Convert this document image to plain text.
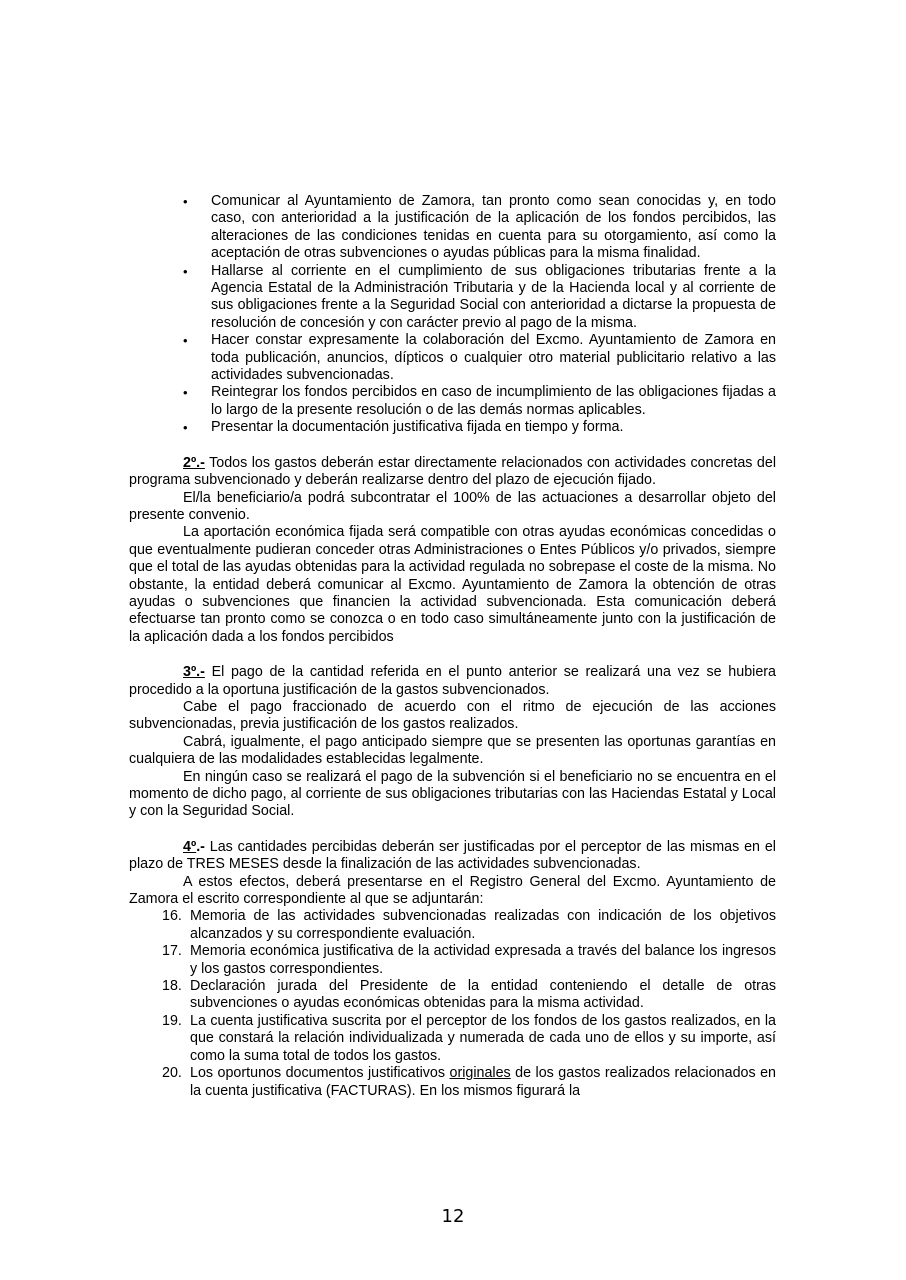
• Comunicar al Ayuntamiento de Zamora, tan pronto como sean conocidas y, en todo caso, con anterioridad a la justificación de la aplicación de los fondos percibidos, las alteraciones de las condiciones tenidas en cuenta para su otorgamiento, así como la aceptación de otras subvenciones o ayudas públicas para la misma finalidad.
• Hallarse al corriente en el cumplimiento de sus obligaciones tributarias frente a la Agencia Estatal de la Administración Tributaria y de la Hacienda local y al corriente de sus obligaciones frente a la Seguridad Social con anterioridad a dictarse la propuesta de resolución de concesión y con carácter previo al pago de la misma.
• Hacer constar expresamente la colaboración del Excmo. Ayuntamiento de Zamora en toda publicación, anuncios, dípticos o cualquier otro material publicitario relativo a las actividades subvencionadas.
• Reintegrar los fondos percibidos en caso de incumplimiento de las obligaciones fijadas a lo largo de la presente resolución o de las demás normas aplicables.
• Presentar la documentación justificativa fijada en tiempo y forma.

2º.- Todos los gastos deberán estar directamente relacionados con actividades concretas del programa subvencionado y deberán realizarse dentro del plazo de ejecución fijado.

El/la beneficiario/a podrá subcontratar el 100% de las actuaciones a desarrollar objeto del presente convenio.

La aportación económica fijada será compatible con otras ayudas económicas concedidas o que eventualmente pudieran conceder otras Administraciones o Entes Públicos y/o privados, siempre que el total de las ayudas obtenidas para la actividad regulada no sobrepase el coste de la misma. No obstante, la entidad deberá comunicar al Excmo. Ayuntamiento de Zamora la obtención de otras ayudas o subvenciones que financien la actividad subvencionada. Esta comunicación deberá efectuarse tan pronto como se conozca o en todo caso simultáneamente junto con la justificación de la aplicación dada a los fondos percibidos

3º.- El pago de la cantidad referida en el punto anterior se realizará una vez se hubiera procedido a la oportuna justificación de la gastos subvencionados.

Cabe el pago fraccionado de acuerdo con el ritmo de ejecución de las acciones subvencionadas, previa justificación de los gastos realizados.

Cabrá, igualmente, el pago anticipado siempre que se presenten las oportunas garantías en cualquiera de las modalidades establecidas legalmente.

En ningún caso se realizará el pago de la subvención si el beneficiario no se encuentra en el momento de dicho pago, al corriente de sus obligaciones tributarias con las Haciendas Estatal y Local y con la Seguridad Social.

4º.- Las cantidades percibidas deberán ser justificadas por el perceptor de las mismas en el plazo de TRES MESES desde la finalización de las actividades subvencionadas.

A estos efectos, deberá presentarse en el Registro General del Excmo. Ayuntamiento de Zamora el escrito correspondiente al que se adjuntarán:

16. Memoria de las actividades subvencionadas realizadas con indicación de los objetivos alcanzados y su correspondiente evaluación.
17. Memoria económica justificativa de la actividad expresada a través del balance los ingresos y los gastos correspondientes.
18. Declaración jurada del Presidente de la entidad conteniendo el detalle de otras subvenciones o ayudas económicas obtenidas para la misma actividad.
19. La cuenta justificativa suscrita por el perceptor de los fondos de los gastos realizados, en la que constará la relación individualizada y numerada de cada uno de ellos y su importe, así como la suma total de todos los gastos.
20. Los oportunos documentos justificativos originales de los gastos realizados relacionados en la cuenta justificativa (FACTURAS). En los mismos figurará la
12
